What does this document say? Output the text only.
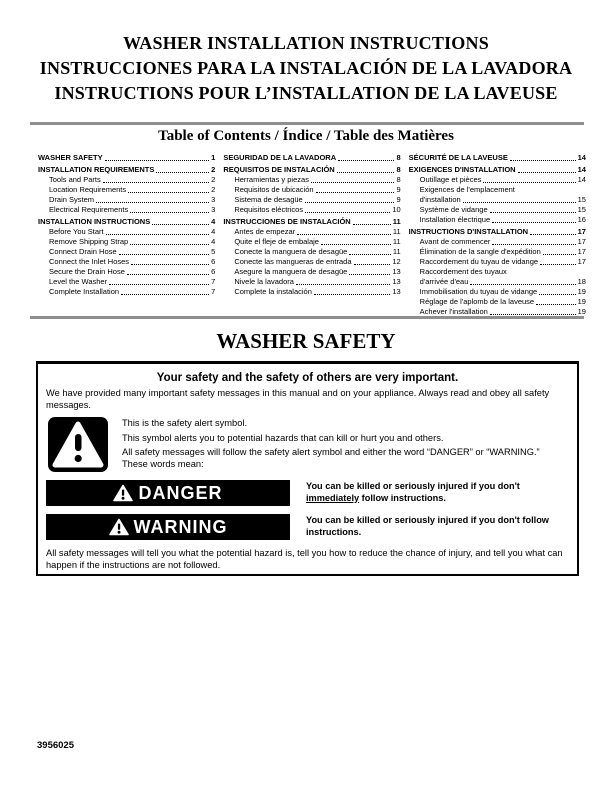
WASHER INSTALLATION INSTRUCTIONS
INSTRUCCIONES PARA LA INSTALACIÓN DE LA LAVADORA
INSTRUCTIONS POUR L’INSTALLATION DE LA LAVEUSE
Table of Contents / Índice / Table des Matières
WASHER SAFETY	1
INSTALLATION REQUIREMENTS	2
Tools and Parts	2
Location Requirements	2
Drain System	3
Electrical Requirements	3
INSTALLATION INSTRUCTIONS	4
Before You Start	4
Remove Shipping Strap	4
Connect Drain Hose	5
Connect the Inlet Hoses	6
Secure the Drain Hose	6
Level the Washer	7
Complete Installation	7
SEGURIDAD DE LA LAVADORA	8
REQUISITOS DE INSTALACIÓN	8
Herramientas y piezas	8
Requisitos de ubicación	9
Sistema de desagüe	9
Requisitos eléctricos	10
INSTRUCCIONES DE INSTALACIÓN	11
Antes de empezar	11
Quite el fleje de embalaje	11
Conecte la manguera de desagüe	11
Conecte las mangueras de entrada	12
Asegure la manguera de desagüe	13
Nivele la lavadora	13
Complete la instalación	13
SÉCURITÉ DE LA LAVEUSE	14
EXIGENCES D'INSTALLATION	14
Outillage et pièces	14
Exigences de l'emplacement
d'installation	15
Système de vidange	15
Installation électrique	16
INSTRUCTIONS D'INSTALLATION	17
Avant de commencer	17
Élimination de la sangle d'expédition	17
Raccordement du tuyau de vidange	17
Raccordement des tuyaux
d'arrivée d'eau	18
Immobilisation du tuyau de vidange	19
Réglage de l'aplomb de la laveuse	19
Achever l'installation	19
WASHER SAFETY
Your safety and the safety of others are very important.
We have provided many important safety messages in this manual and on your appliance. Always read and obey all safety messages.
This is the safety alert symbol.
This symbol alerts you to potential hazards that can kill or hurt you and others.
All safety messages will follow the safety alert symbol and either the word “DANGER” or “WARNING.”
These words mean:
DANGER	You can be killed or seriously injured if you don't immediately follow instructions.
WARNING	You can be killed or seriously injured if you don't follow instructions.
All safety messages will tell you what the potential hazard is, tell you how to reduce the chance of injury, and tell you what can happen if the instructions are not followed.
3956025
